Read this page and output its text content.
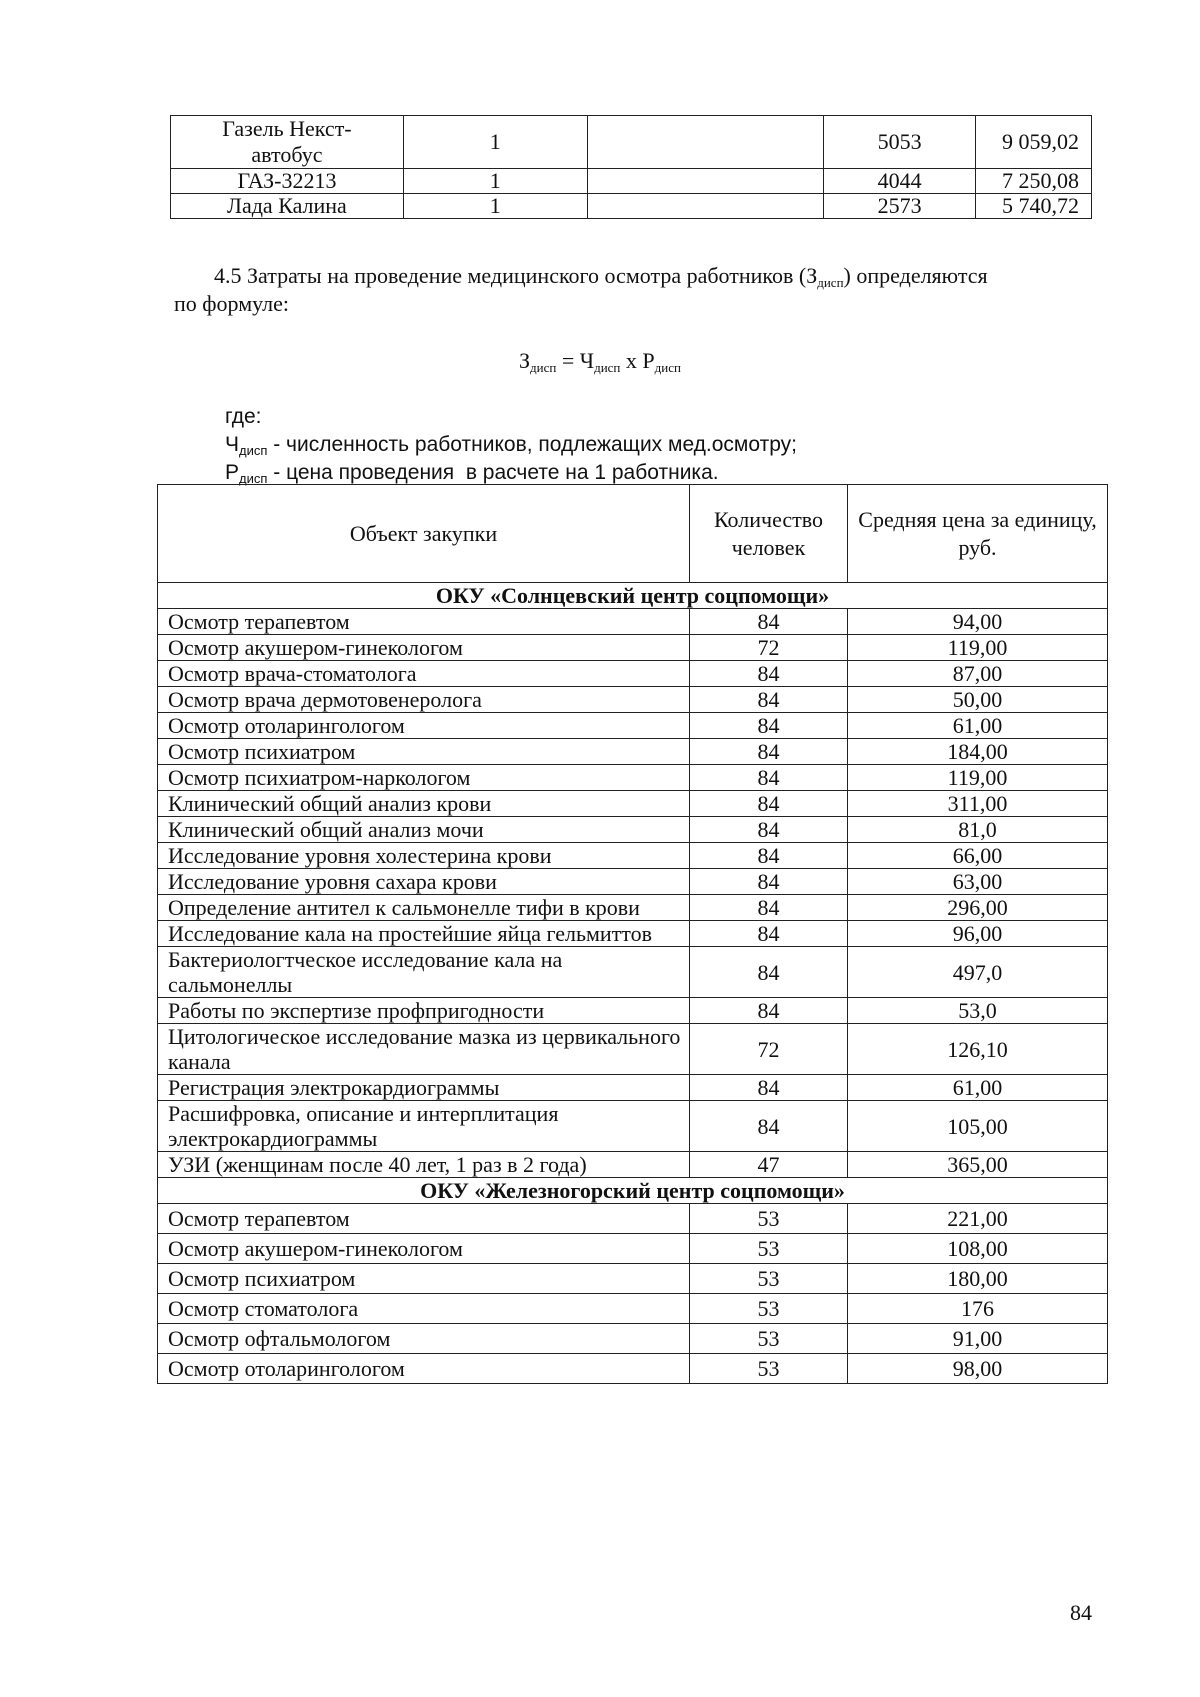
Газель Некст-автобус	1		5053	9 059,02
ГАЗ-32213	1		4044	7 250,08
Лада Калина	1		2573	5 740,72
4.5 Затраты на проведение медицинского осмотра работников $(З_{дисп})$ определяются
по формуле:
$З_{дисп} = Ч_{дисп}$ х $Р_{дисп}$
где:
$Ч_{дисп}$ - численность работников, подлежащих мед.осмотру;
$Р_{дисп}$ - цена проведения  в расчете на 1 работника.
Объект закупки	Количество человек	Средняя цена за единицу, руб.
ОКУ «Солнцевский центр соцпомощи»		
Осмотр терапевтом	84	94,00
Осмотр акушером-гинекологом	72	119,00
Осмотр врача-стоматолога	84	87,00
Осмотр врача дермотовенеролога	84	50,00
Осмотр отоларингологом	84	61,00
Осмотр психиатром	84	184,00
Осмотр психиатром-наркологом	84	119,00
Клинический общий анализ крови	84	311,00
Клинический общий анализ мочи	84	81,0
Исследование уровня холестерина крови	84	66,00
Исследование уровня сахара крови	84	63,00
Определение антител к сальмонелле тифи в крови	84	296,00
Исследование кала на простейшие яйца гельмиттов	84	96,00
Бактериологтческое исследование кала на сальмонеллы	84	497,0
Работы по экспертизе профпригодности	84	53,0
Цитологическое исследование мазка из цервикального канала	72	126,10
Регистрация электрокардиограммы	84	61,00
Расшифровка, описание и интерплитация электрокардиограммы	84	105,00
УЗИ (женщинам после 40 лет, 1 раз в 2 года)	47	365,00
ОКУ «Железногорский центр соцпомощи»		
Осмотр терапевтом	53	221,00
Осмотр акушером-гинекологом	53	108,00
Осмотр психиатром	53	180,00
Осмотр стоматолога	53	176
Осмотр офтальмологом	53	91,00
Осмотр отоларингологом	53	98,00
84
